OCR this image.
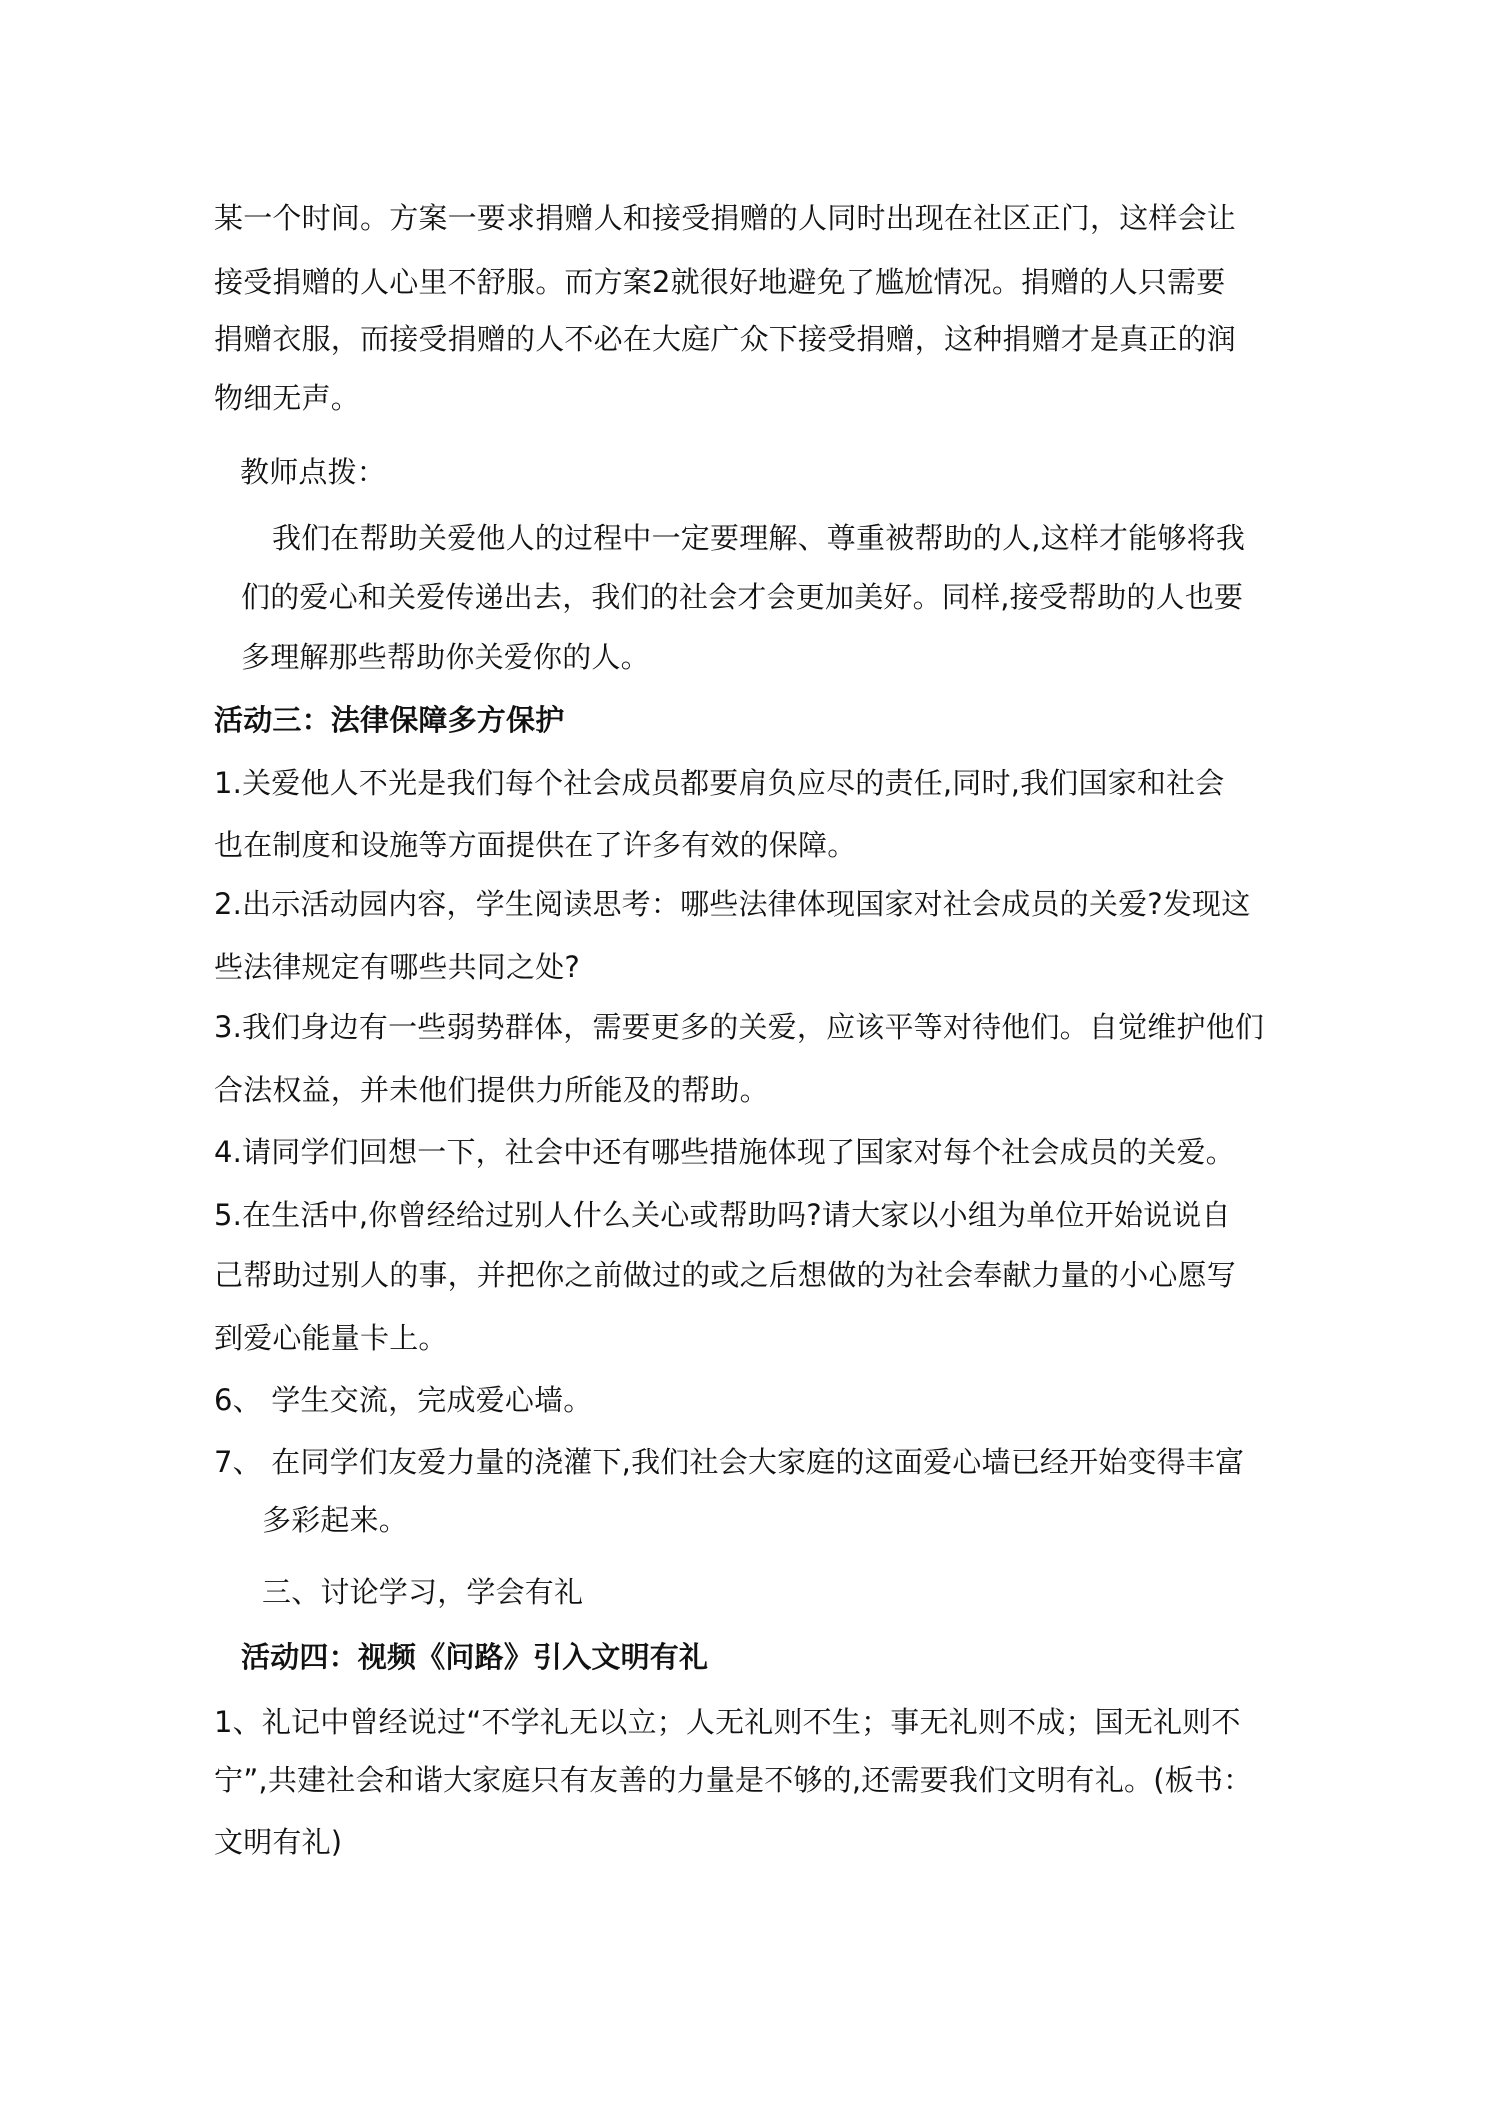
某一个时间。方案一要求捐赠人和接受捐赠的人同时出现在社区正门，这样会让
接受捐赠的人心里不舒服。而方案2就很好地避免了尴尬情况。捐赠的人只需要
捐赠衣服，而接受捐赠的人不必在大庭广众下接受捐赠，这种捐赠才是真正的润
物细无声。
教师点拨：
我们在帮助关爱他人的过程中一定要理解、尊重被帮助的人,这样才能够将我
们的爱心和关爱传递出去，我们的社会才会更加美好。同样,接受帮助的人也要
多理解那些帮助你关爱你的人。
活动三：法律保障多方保护
1.关爱他人不光是我们每个社会成员都要肩负应尽的责任,同时,我们国家和社会
也在制度和设施等方面提供在了许多有效的保障。
2.出示活动园内容，学生阅读思考：哪些法律体现国家对社会成员的关爱?发现这
些法律规定有哪些共同之处?
3.我们身边有一些弱势群体，需要更多的关爱，应该平等对待他们。自觉维护他们
合法权益，并未他们提供力所能及的帮助。
4.请同学们回想一下，社会中还有哪些措施体现了国家对每个社会成员的关爱。
5.在生活中,你曾经给过别人什么关心或帮助吗?请大家以小组为单位开始说说自
己帮助过别人的事，并把你之前做过的或之后想做的为社会奉献力量的小心愿写
到爱心能量卡上。
6、 学生交流，完成爱心墙。
7、 在同学们友爱力量的浇灌下,我们社会大家庭的这面爱心墙已经开始变得丰富
多彩起来。
三、讨论学习，学会有礼
活动四：视频《问路》引入文明有礼
1、礼记中曾经说过“不学礼无以立；人无礼则不生；事无礼则不成；国无礼则不
宁”,共建社会和谐大家庭只有友善的力量是不够的,还需要我们文明有礼。(板书：
文明有礼)
